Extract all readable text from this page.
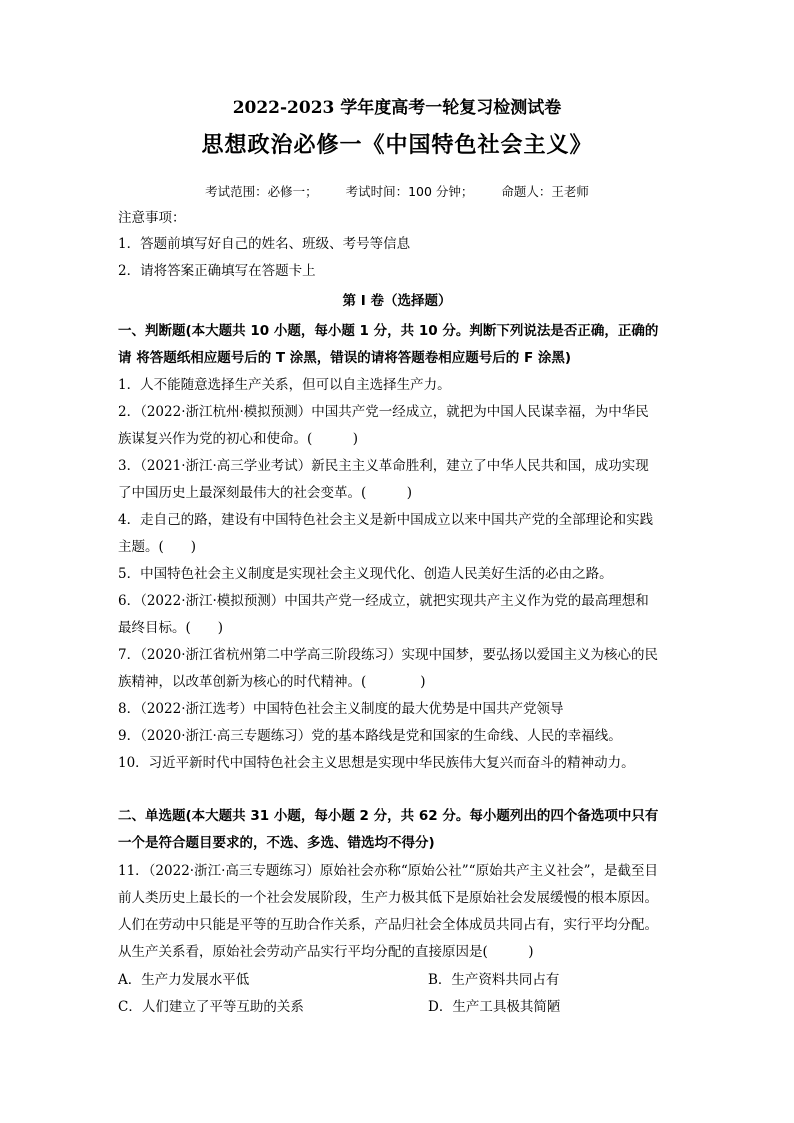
2022-2023 学年度高考一轮复习检测试卷
思想政治必修一《中国特色社会主义》
考试范围：必修一； 考试时间：100 分钟； 命题人：王老师
注意事项：
1．答题前填写好自己的姓名、班级、考号等信息
2．请将答案正确填写在答题卡上
第 I 卷（选择题）
一、判断题(本大题共 10 小题，每小题 1 分，共 10 分。判断下列说法是否正确，正确的
请 将答题纸相应题号后的 T 涂黑，错误的请将答题卷相应题号后的 F 涂黑)
1．人不能随意选择生产关系，但可以自主选择生产力。
2．（2022·浙江杭州·模拟预测）中国共产党一经成立，就把为中国人民谋幸福，为中华民
族谋复兴作为党的初心和使命。(　　　)
3．（2021·浙江·高三学业考试）新民主主义革命胜利，建立了中华人民共和国，成功实现
了中国历史上最深刻最伟大的社会变革。(　　　)
4．走自己的路，建设有中国特色社会主义是新中国成立以来中国共产党的全部理论和实践
主题。(　　)
5．中国特色社会主义制度是实现社会主义现代化、创造人民美好生活的必由之路。
6．（2022·浙江·模拟预测）中国共产党一经成立，就把实现共产主义作为党的最高理想和
最终目标。(　　)
7．（2020·浙江省杭州第二中学高三阶段练习）实现中国梦，要弘扬以爱国主义为核心的民
族精神，以改革创新为核心的时代精神。(　　　　)
8．（2022·浙江选考）中国特色社会主义制度的最大优势是中国共产党领导
9．（2020·浙江·高三专题练习）党的基本路线是党和国家的生命线、人民的幸福线。
10．习近平新时代中国特色社会主义思想是实现中华民族伟大复兴而奋斗的精神动力。
二、单选题(本大题共 31 小题，每小题 2 分，共 62 分。每小题列出的四个备选项中只有
一个是符合题目要求的，不选、多选、错选均不得分)
11．（2022·浙江·高三专题练习）原始社会亦称“原始公社”“原始共产主义社会”，是截至目
前人类历史上最长的一个社会发展阶段，生产力极其低下是原始社会发展缓慢的根本原因。
人们在劳动中只能是平等的互助合作关系，产品归社会全体成员共同占有，实行平均分配。
从生产关系看，原始社会劳动产品实行平均分配的直接原因是(　　　)
A．生产力发展水平低	B．生产资料共同占有
C．人们建立了平等互助的关系	D．生产工具极其简陋
